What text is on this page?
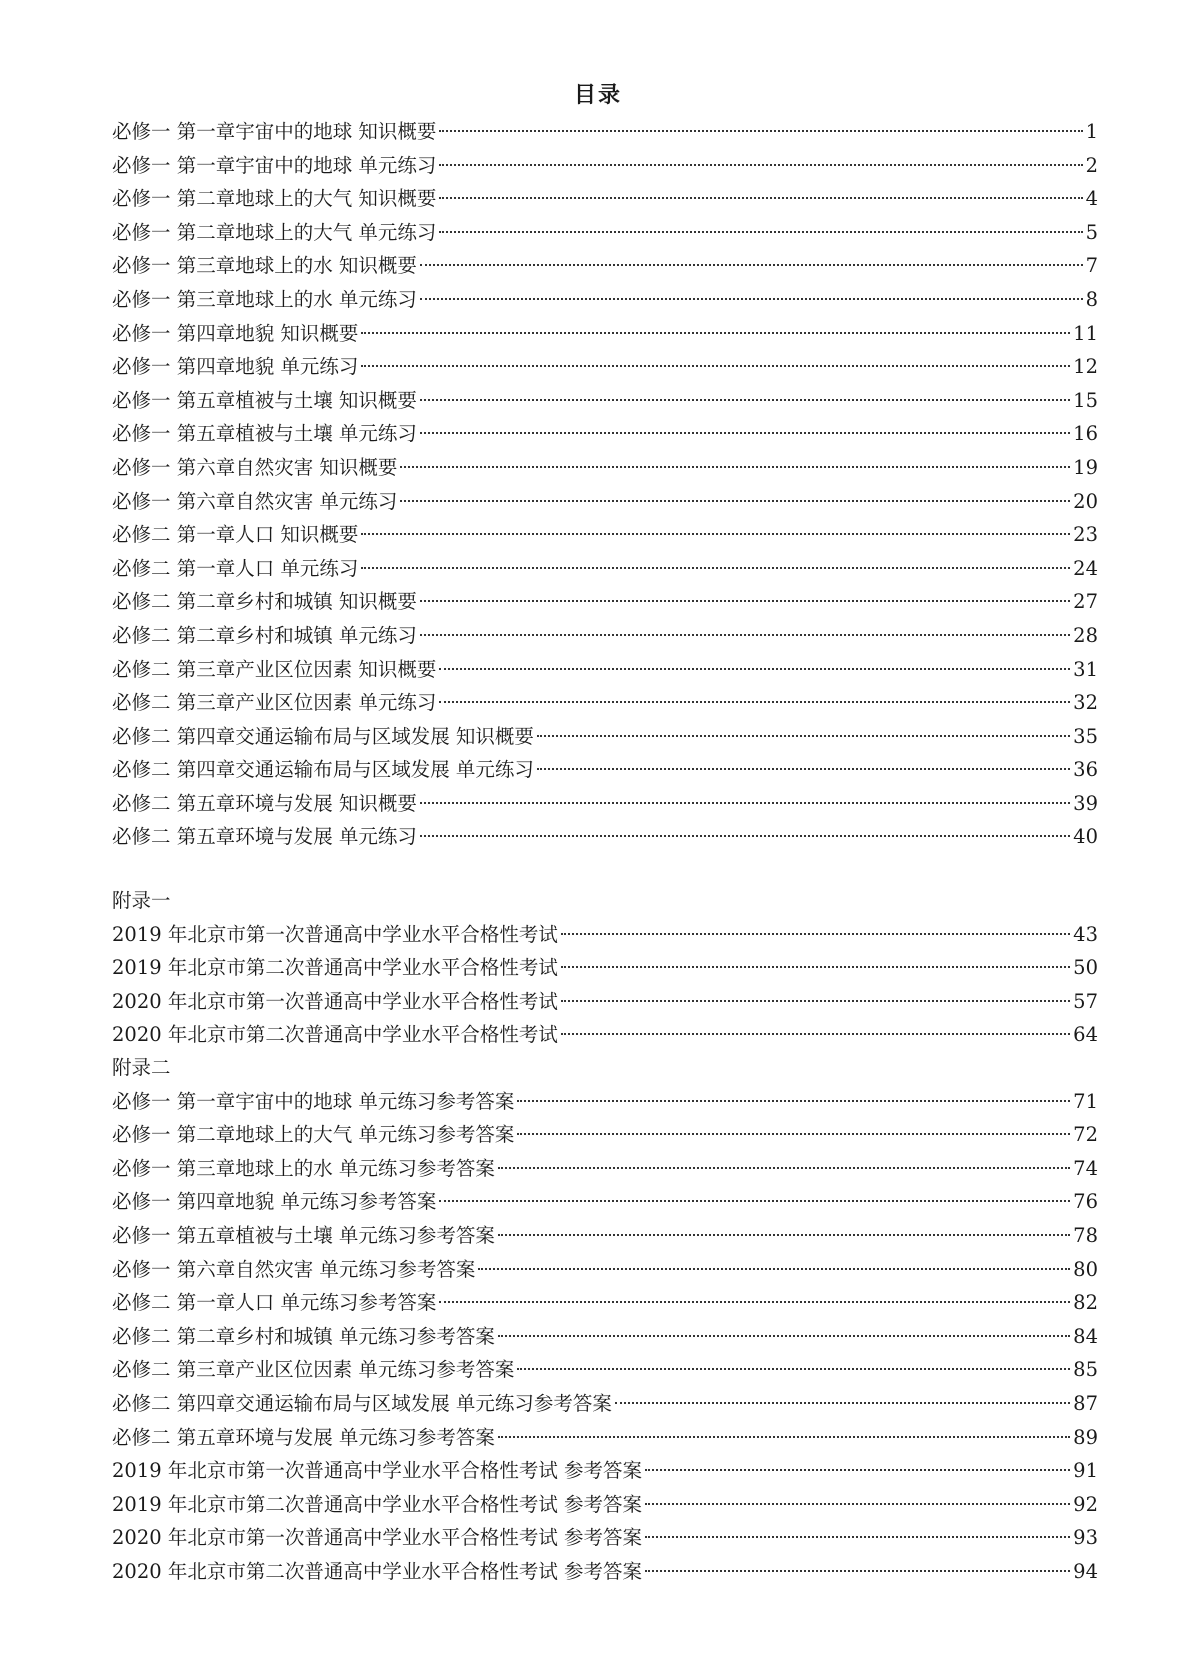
目录
必修一 第一章宇宙中的地球 知识概要	1
必修一 第一章宇宙中的地球 单元练习	2
必修一 第二章地球上的大气 知识概要	4
必修一 第二章地球上的大气 单元练习	5
必修一 第三章地球上的水 知识概要	7
必修一 第三章地球上的水 单元练习	8
必修一 第四章地貌 知识概要	11
必修一 第四章地貌 单元练习	12
必修一 第五章植被与土壤 知识概要	15
必修一 第五章植被与土壤 单元练习	16
必修一 第六章自然灾害 知识概要	19
必修一 第六章自然灾害 单元练习	20
必修二 第一章人口 知识概要	23
必修二 第一章人口 单元练习	24
必修二 第二章乡村和城镇 知识概要	27
必修二 第二章乡村和城镇 单元练习	28
必修二 第三章产业区位因素 知识概要	31
必修二 第三章产业区位因素 单元练习	32
必修二 第四章交通运输布局与区域发展 知识概要	35
必修二 第四章交通运输布局与区域发展 单元练习	36
必修二 第五章环境与发展 知识概要	39
必修二 第五章环境与发展 单元练习	40
附录一
2019 年北京市第一次普通高中学业水平合格性考试	43
2019 年北京市第二次普通高中学业水平合格性考试	50
2020 年北京市第一次普通高中学业水平合格性考试	57
2020 年北京市第二次普通高中学业水平合格性考试	64
附录二
必修一 第一章宇宙中的地球 单元练习参考答案	71
必修一 第二章地球上的大气 单元练习参考答案	72
必修一 第三章地球上的水 单元练习参考答案	74
必修一 第四章地貌 单元练习参考答案	76
必修一 第五章植被与土壤 单元练习参考答案	78
必修一 第六章自然灾害 单元练习参考答案	80
必修二 第一章人口 单元练习参考答案	82
必修二 第二章乡村和城镇 单元练习参考答案	84
必修二 第三章产业区位因素 单元练习参考答案	85
必修二 第四章交通运输布局与区域发展 单元练习参考答案	87
必修二 第五章环境与发展 单元练习参考答案	89
2019 年北京市第一次普通高中学业水平合格性考试 参考答案	91
2019 年北京市第二次普通高中学业水平合格性考试 参考答案	92
2020 年北京市第一次普通高中学业水平合格性考试 参考答案	93
2020 年北京市第二次普通高中学业水平合格性考试 参考答案	94
